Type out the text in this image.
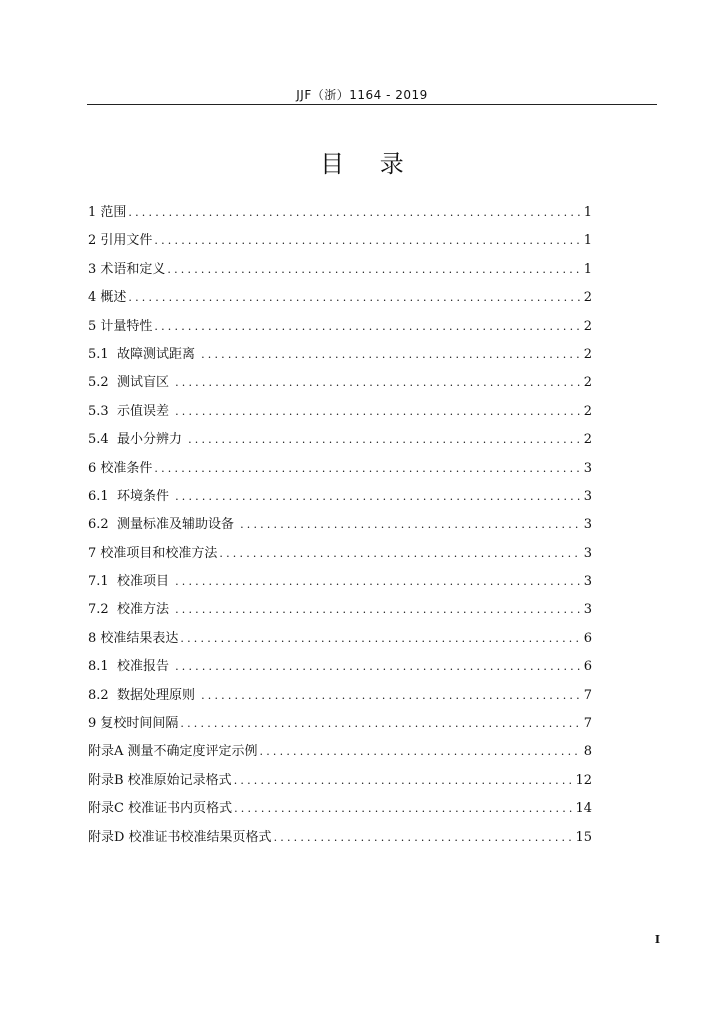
JJF（浙）1164 - 2019
目 录
1 范围 .....	1
2 引用文件 .....	1
3 术语和定义 .....	1
4 概述 .....	2
5 计量特性 .....	2
5.1  故障测试距离 .....	2
5.2  测试盲区 .....	2
5.3  示值误差 .....	2
5.4  最小分辨力 .....	2
6 校准条件 .....	3
6.1  环境条件 .....	3
6.2  测量标准及辅助设备 .....	3
7 校准项目和校准方法 .....	3
7.1  校准项目 .....	3
7.2  校准方法 .....	3
8 校准结果表达 .....	6
8.1  校准报告 .....	6
8.2  数据处理原则 .....	7
9 复校时间间隔 .....	7
附录A 测量不确定度评定示例 .....	8
附录B 校准原始记录格式 .....	12
附录C 校准证书内页格式 .....	14
附录D 校准证书校准结果页格式 .....	15
I
